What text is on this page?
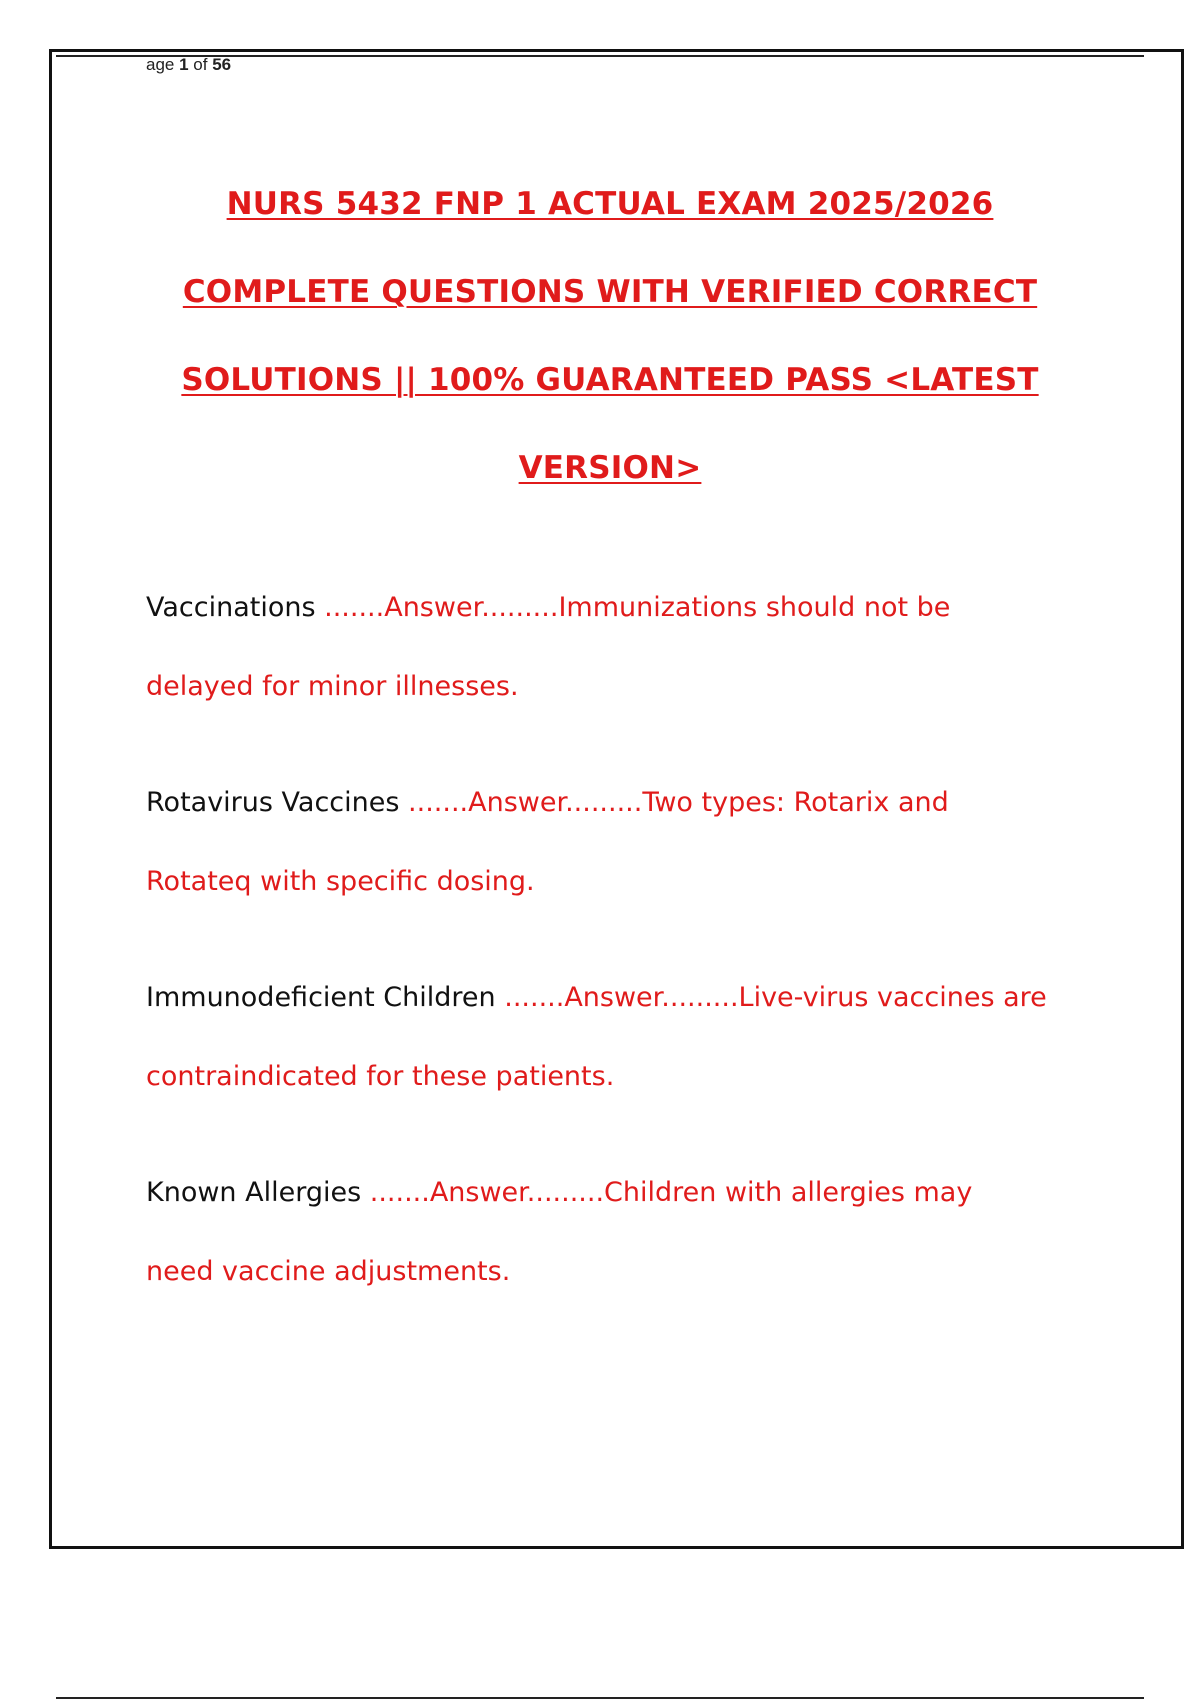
age 1 of 56
NURS 5432 FNP 1 ACTUAL EXAM 2025/2026
COMPLETE QUESTIONS WITH VERIFIED CORRECT
SOLUTIONS || 100% GUARANTEED PASS <LATEST
VERSION>
Vaccinations .......Answer.........Immunizations should not be
delayed for minor illnesses.
Rotavirus Vaccines .......Answer.........Two types: Rotarix and
Rotateq with specific dosing.
Immunodeficient Children .......Answer.........Live-virus vaccines are
contraindicated for these patients.
Known Allergies .......Answer.........Children with allergies may
need vaccine adjustments.
